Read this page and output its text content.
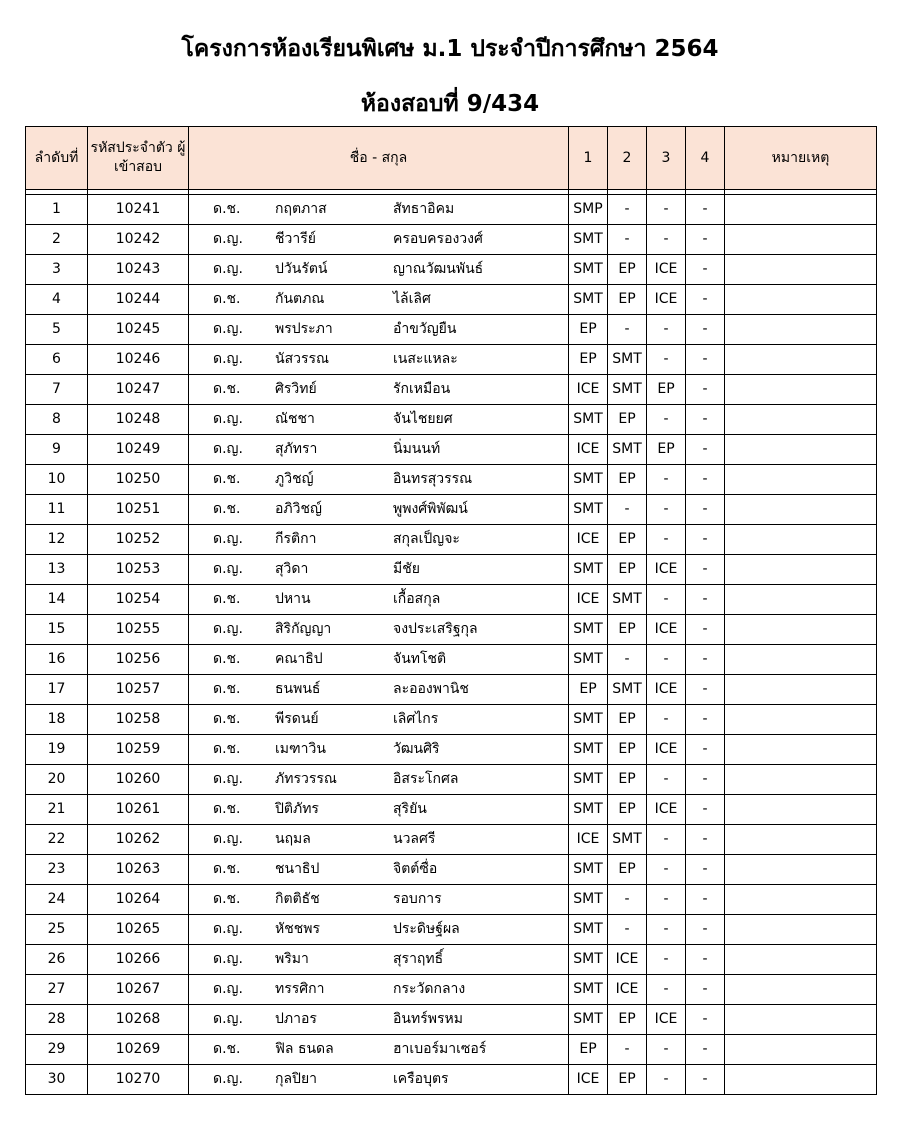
โครงการห้องเรียนพิเศษ ม.1 ประจำปีการศึกษา 2564
ห้องสอบที่ 9/434
ลำดับที่	รหัสประจำตัว ผู้เข้าสอบ	ชื่อ - สกุล	1	2	3	4	หมายเหตุ

1	10241	ด.ช. กฤตภาส สัทธาอิคม	SMP	-	-	-	
2	10242	ด.ญ. ชีวารีย์ ครอบครองวงศ์	SMT	-	-	-	
3	10243	ด.ญ. ปวันรัตน์ ญาณวัฒนพันธ์	SMT	EP	ICE	-	
4	10244	ด.ช. กันตภณ ไล้เลิศ	SMT	EP	ICE	-	
5	10245	ด.ญ. พรประภา อำขวัญยืน	EP	-	-	-	
6	10246	ด.ญ. นัสวรรณ เนสะแหละ	EP	SMT	-	-	
7	10247	ด.ช. ศิรวิทย์ รักเหมือน	ICE	SMT	EP	-	
8	10248	ด.ญ. ณัชชา จันไชยยศ	SMT	EP	-	-	
9	10249	ด.ญ. สุภัทรา นิ่มนนท์	ICE	SMT	EP	-	
10	10250	ด.ช. ภูวิชญ์ อินทรสุวรรณ	SMT	EP	-	-	
11	10251	ด.ช. อภิวิชญ์ พูพงศ์พิพัฒน์	SMT	-	-	-	
12	10252	ด.ญ. กีรติกา สกุลเป็ญจะ	ICE	EP	-	-	
13	10253	ด.ญ. สุวิดา มีชัย	SMT	EP	ICE	-	
14	10254	ด.ช. ปหาน เกื้อสกุล	ICE	SMT	-	-	
15	10255	ด.ญ. สิริกัญญา จงประเสริฐกุล	SMT	EP	ICE	-	
16	10256	ด.ช. คณาธิป จันทโชติ	SMT	-	-	-	
17	10257	ด.ช. ธนพนธ์ ละอองพานิช	EP	SMT	ICE	-	
18	10258	ด.ช. พีรดนย์ เลิศไกร	SMT	EP	-	-	
19	10259	ด.ช. เมฑาวิน วัฒนศิริ	SMT	EP	ICE	-	
20	10260	ด.ญ. ภัทรวรรณ อิสระโกศล	SMT	EP	-	-	
21	10261	ด.ช. ปิติภัทร สุริยัน	SMT	EP	ICE	-	
22	10262	ด.ญ. นฤมล นวลศรี	ICE	SMT	-	-	
23	10263	ด.ช. ชนาธิป จิตต์ซื่อ	SMT	EP	-	-	
24	10264	ด.ช. กิตติธัช รอบการ	SMT	-	-	-	
25	10265	ด.ญ. หัชชพร ประดิษฐ์ผล	SMT	-	-	-	
26	10266	ด.ญ. พริมา สุราฤทธิ์	SMT	ICE	-	-	
27	10267	ด.ญ. ทรรศิกา กระวัดกลาง	SMT	ICE	-	-	
28	10268	ด.ญ. ปภาอร อินทร์พรหม	SMT	EP	ICE	-	
29	10269	ด.ช. ฟิล ธนดล ฮาเบอร์มาเซอร์	EP	-	-	-	
30	10270	ด.ญ. กุลปิยา เครือบุตร	ICE	EP	-	-	
